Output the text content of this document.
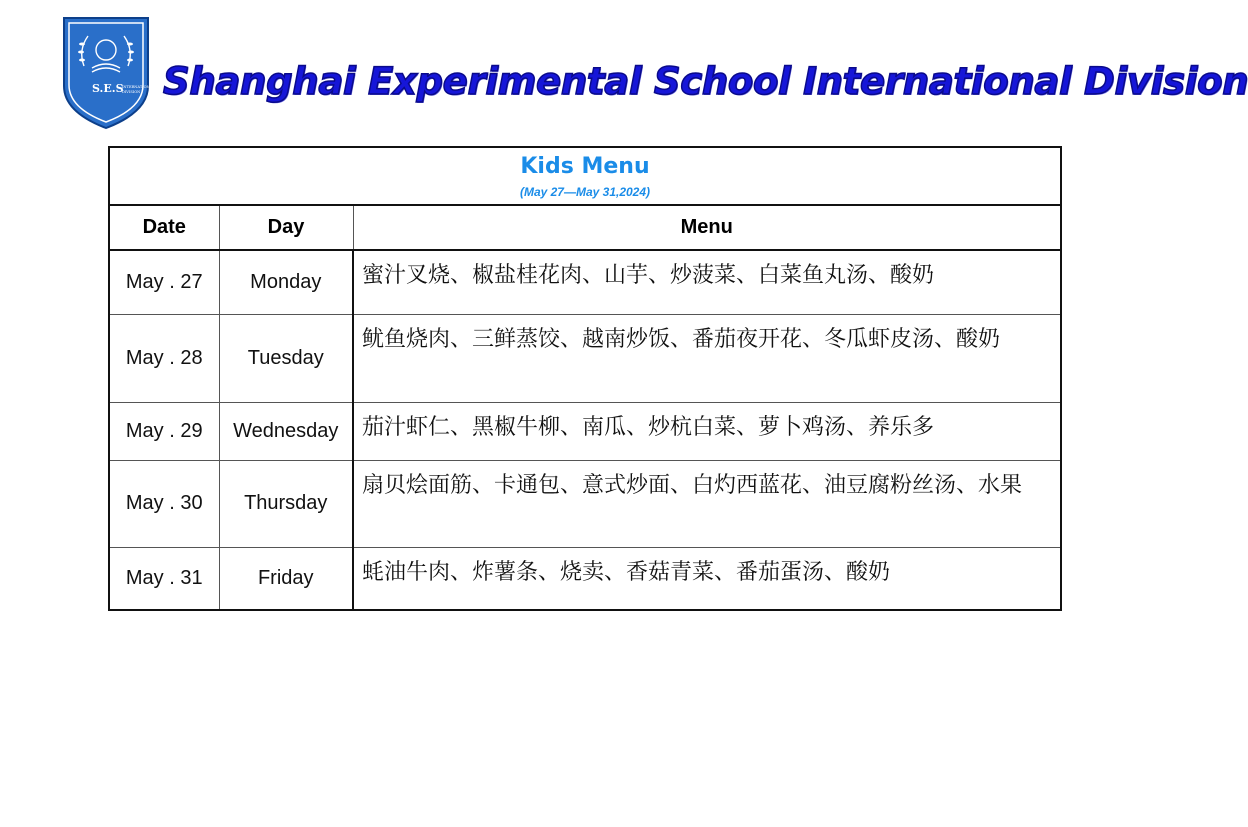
S.E.S
INTERNATIONAL
DIVISION Shanghai Experimental School International Division
Kids Menu
(May 27—May 31,2024)		

Date	Day	Menu
May . 27	Monday	蜜汁叉烧、椒盐桂花肉、山芋、炒菠菜、白菜鱼丸汤、酸奶
May . 28	Tuesday	鱿鱼烧肉、三鲜蒸饺、越南炒饭、番茄夜开花、冬瓜虾皮汤、酸奶
May . 29	Wednesday	茄汁虾仁、黑椒牛柳、南瓜、炒杭白菜、萝卜鸡汤、养乐多
May . 30	Thursday	扇贝烩面筋、卡通包、意式炒面、白灼西蓝花、油豆腐粉丝汤、水果
May . 31	Friday	蚝油牛肉、炸薯条、烧卖、香菇青菜、番茄蛋汤、酸奶
